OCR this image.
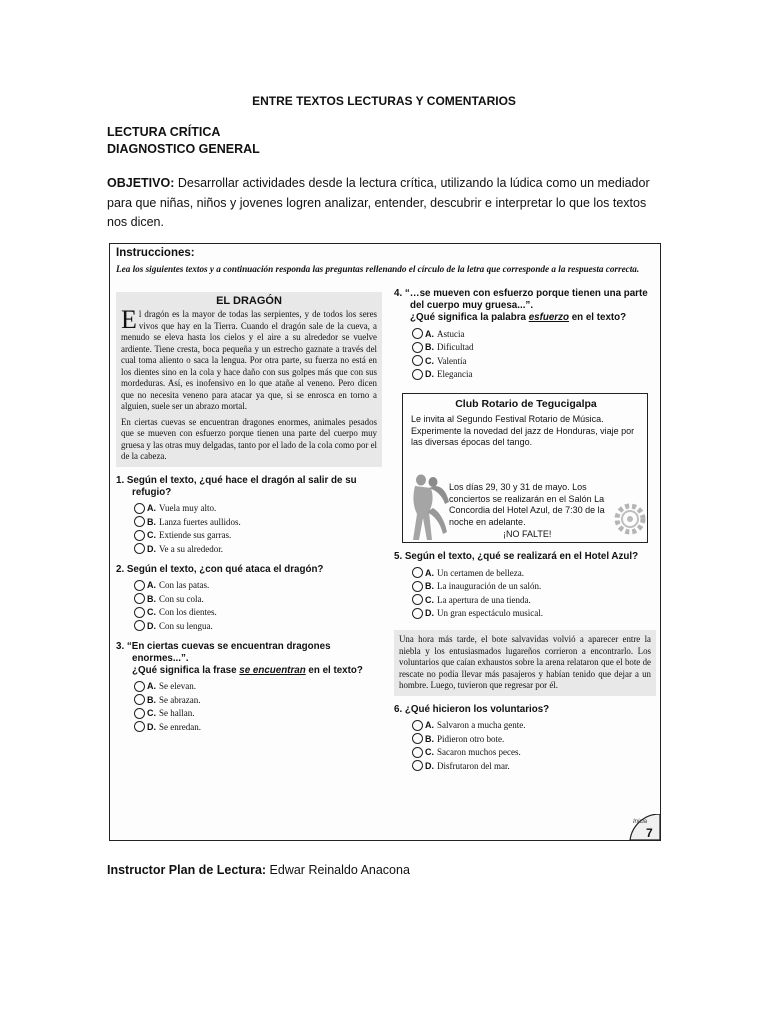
ENTRE TEXTOS LECTURAS Y COMENTARIOS
LECTURA CRÍTICA
DIAGNOSTICO GENERAL
OBJETIVO: Desarrollar actividades desde la lectura crítica, utilizando la lúdica como un mediador para que niñas, niños y jovenes logren analizar, entender, descubrir e interpretar lo que los textos nos dicen.
Instrucciones:
Lea los siguientes textos y a continuación responda las preguntas rellenando el círculo de la letra que corresponde a la respuesta correcta.
EL DRAGÓN

El dragón es la mayor de todas las serpientes, y de todos los seres vivos que hay en la Tierra. Cuando el dragón sale de la cueva, a menudo se eleva hasta los cielos y el aire a su alrededor se vuelve ardiente. Tiene cresta, boca pequeña y un estrecho gaznate a través del cual toma aliento o saca la lengua. Por otra parte, su fuerza no está en los dientes sino en la cola y hace daño con sus golpes más que con sus mordeduras. Así, es inofensivo en lo que atañe al veneno. Pero dicen que no necesita veneno para atacar ya que, si se enrosca en torno a alguien, suele ser un abrazo mortal.

En ciertas cuevas se encuentran dragones enormes, animales pesados que se mueven con esfuerzo porque tienen una parte del cuerpo muy gruesa y las otras muy delgadas, tanto por el lado de la cola como por el de la cabeza.

1. Según el texto, ¿qué hace el dragón al salir de su refugio?
A. Vuela muy alto.
B. Lanza fuertes aullidos.
C. Extiende sus garras.
D. Ve a su alrededor.
2. Según el texto, ¿con qué ataca el dragón?
A. Con las patas.
B. Con su cola.
C. Con los dientes.
D. Con su lengua.
3. “En ciertas cuevas se encuentran dragones enormes...”.
¿Qué significa la frase se encuentran en el texto?
A. Se elevan.
B. Se abrazan.
C. Se hallan.
D. Se enredan.
4. “…se mueven con esfuerzo porque tienen una parte del cuerpo muy gruesa...”.
¿Qué significa la palabra esfuerzo en el texto?
A. Astucia
B. Dificultad
C. Valentía
D. Elegancia
Club Rotario de Tegucigalpa

Le invita al Segundo Festival Rotario de Música. Experimente la novedad del jazz de Honduras, viaje por las diversas épocas del tango.

Los días 29, 30 y 31 de mayo. Los conciertos se realizarán en el Salón La Concordia del Hotel Azul, de 7:30 de la noche en adelante.

¡NO FALTE!
5. Según el texto, ¿qué se realizará en el Hotel Azul?
A. Un certamen de belleza.
B. La inauguración de un salón.
C. La apertura de una tienda.
D. Un gran espectáculo musical.

Una hora más tarde, el bote salvavidas volvió a aparecer entre la niebla y los entusiasmados lugareños corrieron a encontrarlo. Los voluntarios que caían exhaustos sobre la arena relataron que el bote de rescate no podía llevar más pasajeros y habían tenido que dejar a un hombre. Luego, tuvieron que regresar por él.

6. ¿Qué hicieron los voluntarios?
A. Salvaron a mucha gente.
B. Pidieron otro bote.
C. Sacaron muchos peces.
D. Disfrutaron del mar.
Inicia
7
Instructor Plan de Lectura: Edwar Reinaldo Anacona
